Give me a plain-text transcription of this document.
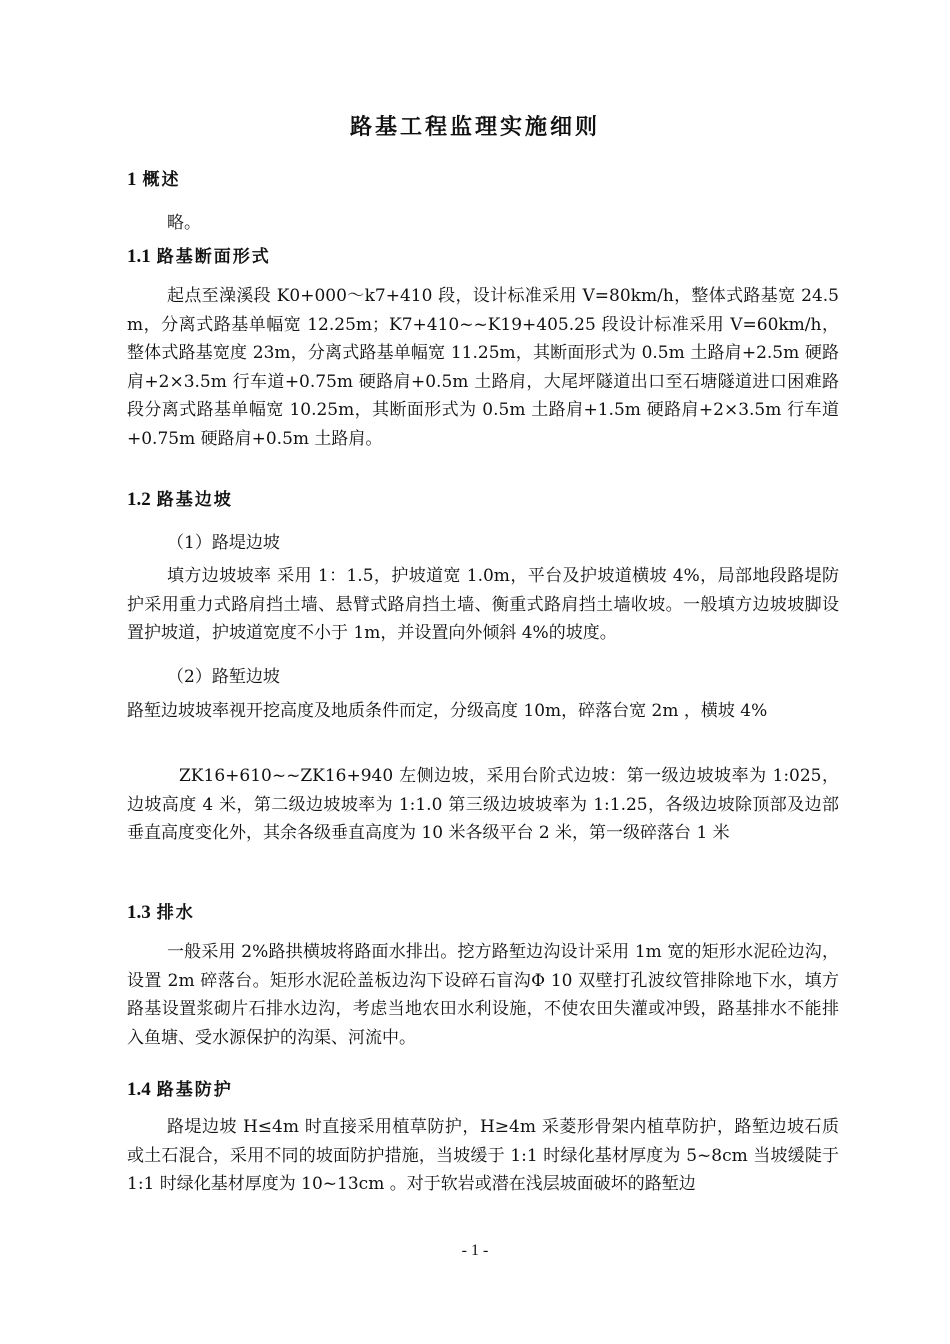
路基工程监理实施细则
1 概述
略。
1.1 路基断面形式
起点至澡溪段 K0+000～k7+410 段，设计标准采用 V=80km/h，整体式路基宽 24.5m，分离式路基单幅宽 12.25m；K7+410~~K19+405.25 段设计标准采用 V=60km/h，整体式路基宽度 23m，分离式路基单幅宽 11.25m，其断面形式为 0.5m 土路肩+2.5m 硬路肩+2×3.5m 行车道+0.75m 硬路肩+0.5m 土路肩，大尾坪隧道出口至石塘隧道进口困难路段分离式路基单幅宽 10.25m，其断面形式为 0.5m 土路肩+1.5m 硬路肩+2×3.5m 行车道+0.75m 硬路肩+0.5m 土路肩。
1.2 路基边坡
（1）路堤边坡
填方边坡坡率 采用 1：1.5，护坡道宽 1.0m，平台及护坡道横坡 4%，局部地段路堤防护采用重力式路肩挡土墙、悬臂式路肩挡土墙、衡重式路肩挡土墙收坡。一般填方边坡坡脚设置护坡道，护坡道宽度不小于 1m，并设置向外倾斜 4%的坡度。
（2）路堑边坡
路堑边坡坡率视开挖高度及地质条件而定，分级高度 10m，碎落台宽 2m ，横坡 4%
ZK16+610~~ZK16+940 左侧边坡，采用台阶式边坡：第一级边坡坡率为 1:025，边坡高度 4 米，第二级边坡坡率为 1:1.0 第三级边坡坡率为 1:1.25，各级边坡除顶部及边部垂直高度变化外，其余各级垂直高度为 10 米各级平台 2 米，第一级碎落台 1 米
1.3 排水
一般采用 2%路拱横坡将路面水排出。挖方路堑边沟设计采用 1m 宽的矩形水泥砼边沟，设置 2m 碎落台。矩形水泥砼盖板边沟下设碎石盲沟Φ 10 双壁打孔波纹管排除地下水，填方路基设置浆砌片石排水边沟，考虑当地农田水利设施，不使农田失灌或冲毁，路基排水不能排入鱼塘、受水源保护的沟渠、河流中。
1.4 路基防护
路堤边坡 H≤4m 时直接采用植草防护，H≥4m 采菱形骨架内植草防护，路堑边坡石质或土石混合，采用不同的坡面防护措施，当坡缓于 1:1 时绿化基材厚度为 5~8cm 当坡缓陡于 1:1 时绿化基材厚度为 10~13cm 。对于软岩或潜在浅层坡面破坏的路堑边
- 1 -
